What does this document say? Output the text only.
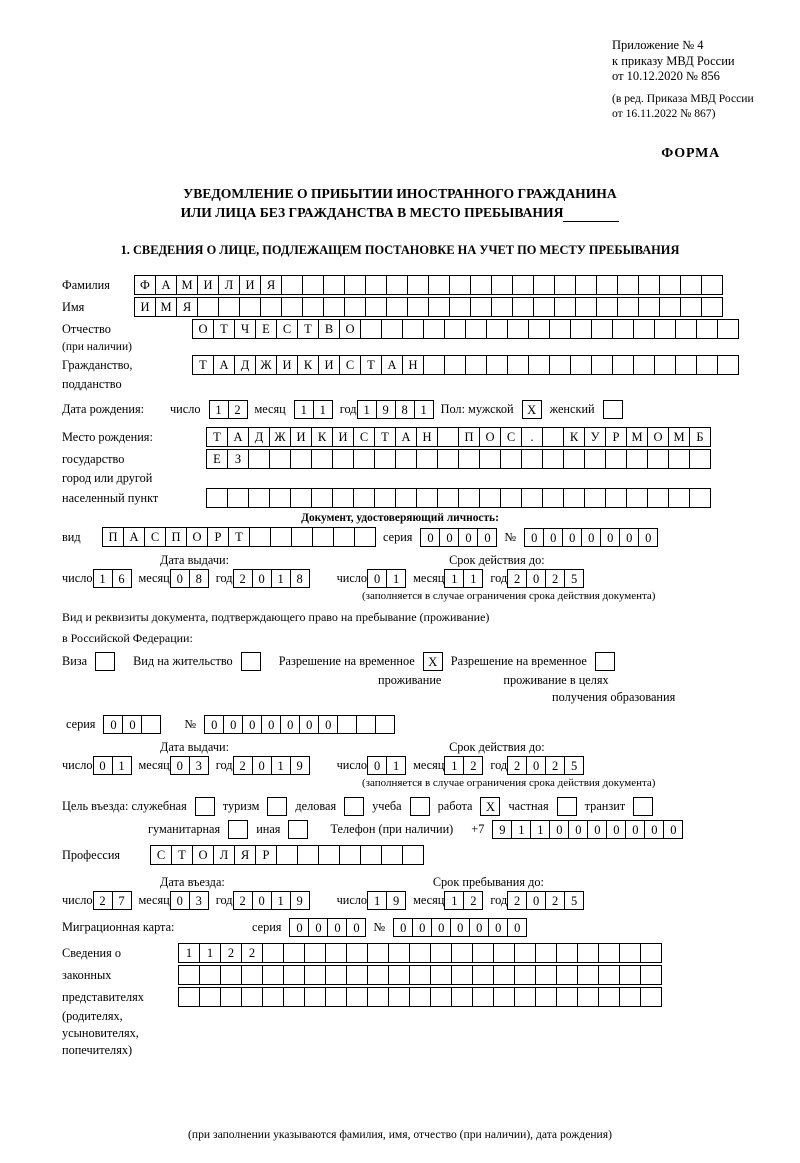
Приложение № 4
к приказу МВД России
от 10.12.2020 № 856
(в ред. Приказа МВД России
от 16.11.2022 № 867)
ФОРМА
УВЕДОМЛЕНИЕ О ПРИБЫТИИ ИНОСТРАННОГО ГРАЖДАНИНА
ИЛИ ЛИЦА БЕЗ ГРАЖДАНСТВА В МЕСТО ПРЕБЫВАНИЯ
1. СВЕДЕНИЯ О ЛИЦЕ, ПОДЛЕЖАЩЕМ ПОСТАНОВКЕ НА УЧЕТ ПО МЕСТУ ПРЕБЫВАНИЯ
Фамилия	Ф А М И Л И Я
Имя	И М Я
Отчество	О	Т	Ч	Е	С	Т	В О
(при наличии)
Гражданство,	Т	А Д Ж И К И С	Т	А Н
подданство
Дата рождения:	число	1	2	месяц	1	1	год 1	9	8	1	Пол: мужской	X	женский
Место рождения:	Т	А Д Ж И К И С	Т	А Н	П О С	.	К У	Р М О М Б
государство	Е	З
город или другой
населенный пункт
Документ, удостоверяющий личность:
вид	П А С П О	Р	Т	серия	0	0	0	0	№	0	0	0	0	0	0	0
Дата выдачи:	Срок действия до:
число 1	6	месяц 0	8	год 2	0	1	8	число 0	1	месяц 1	1	год 2	0	2	5
(заполняется в случае ограничения срока действия документа)
Вид и реквизиты документа, подтверждающего право на пребывание (проживание)
в Российской Федерации:
Виза	Вид на жительство	Разрешение на временное	X	Разрешение на временное
проживание	проживание в целях
получения образования
серия	0	0	№	0	0	0	0	0	0	0
Дата выдачи:	Срок действия до:
число 0	1	месяц 0	3	год 2	0	1	9	число 0	1	месяц 1	2	год 2	0	2	5
(заполняется в случае ограничения срока действия документа)
Цель въезда: служебная	туризм	деловая	учеба	работа	X	частная	транзит
гуманитарная	иная	Телефон (при наличии) +7	9	1	1	0	0	0	0	0	0	0
Профессия	С	Т	О Л	Я	Р
Дата въезда:	Срок пребывания до:
число 2	7	месяц 0	3	год 2	0	1	9	число 1	9	месяц 1	2	год 2	0	2	5
Миграционная карта:	серия	0	0	0	0	№	0	0	0	0	0	0	0
Сведения о	1	1	2	2
законных
представителях
(родителях,
усыновителях,
попечителях)
(при заполнении указываются фамилия, имя, отчество (при наличии), дата рождения)
